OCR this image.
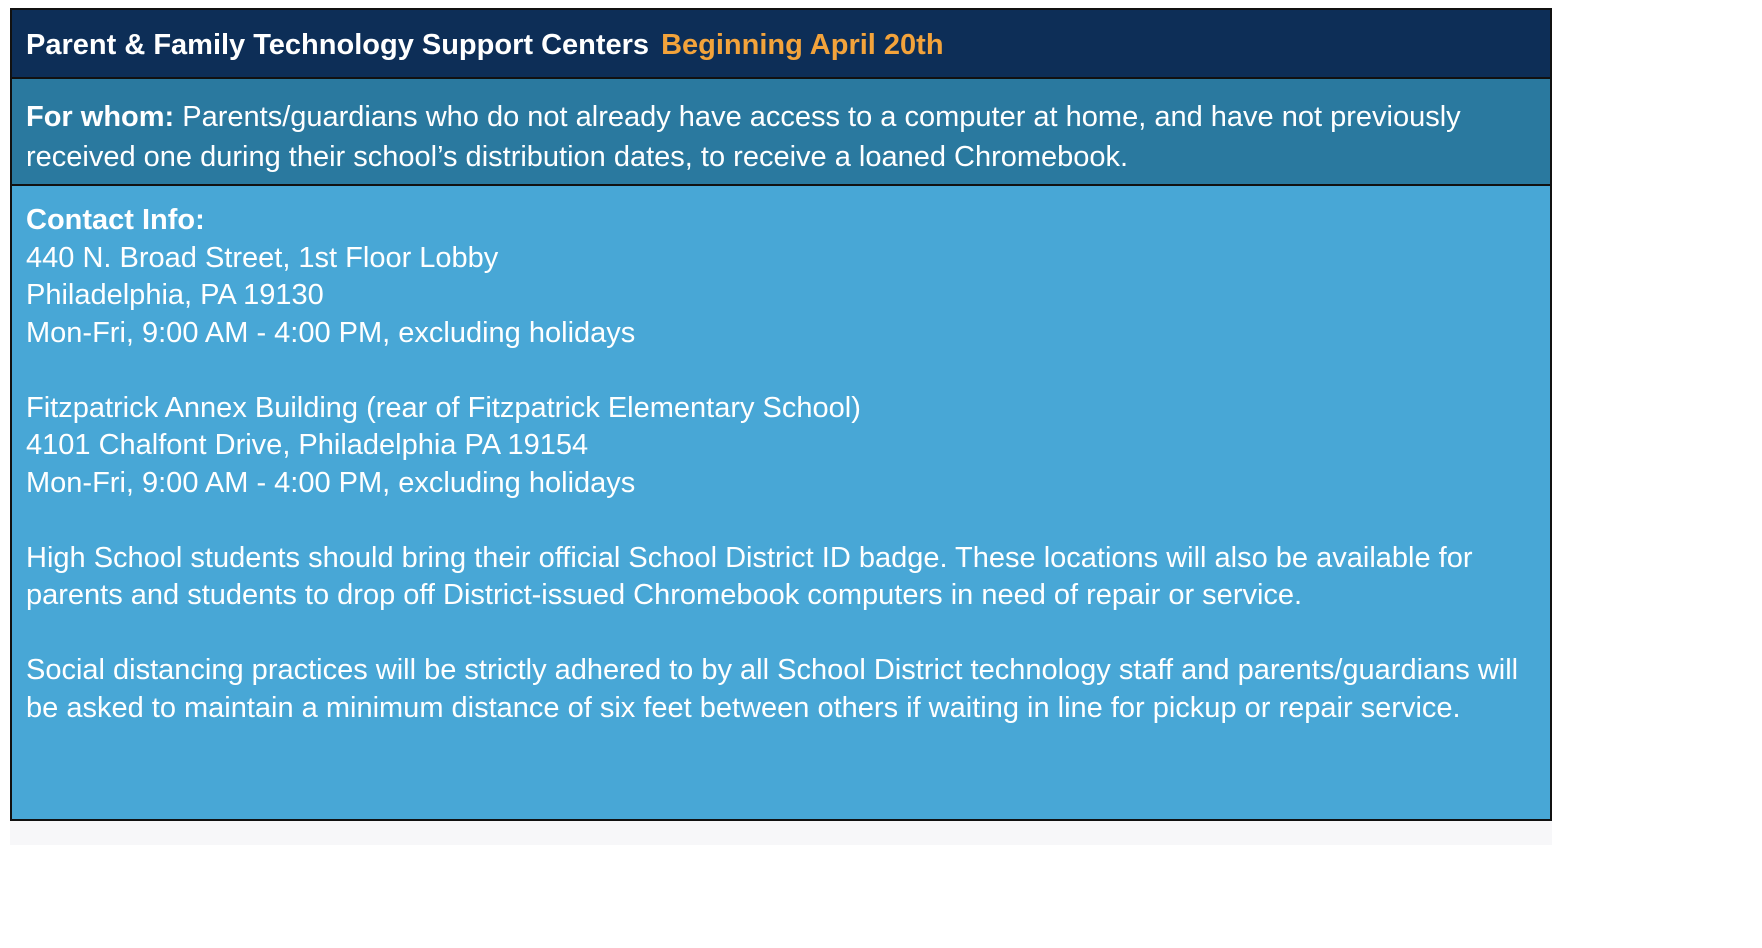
Parent & Family Technology Support Centers Beginning April 20th
For whom: Parents/guardians who do not already have access to a computer at home, and have not previously received one during their school’s distribution dates, to receive a loaned Chromebook.
Contact Info:
440 N. Broad Street, 1st Floor Lobby
Philadelphia, PA 19130
Mon-Fri, 9:00 AM - 4:00 PM, excluding holidays
Fitzpatrick Annex Building (rear of Fitzpatrick Elementary School)
4101 Chalfont Drive, Philadelphia PA 19154
Mon-Fri, 9:00 AM - 4:00 PM, excluding holidays
High School students should bring their official School District ID badge. These locations will also be available for parents and students to drop off District-issued Chromebook computers in need of repair or service.
Social distancing practices will be strictly adhered to by all School District technology staff and parents/guardians will be asked to maintain a minimum distance of six feet between others if waiting in line for pickup or repair service.
